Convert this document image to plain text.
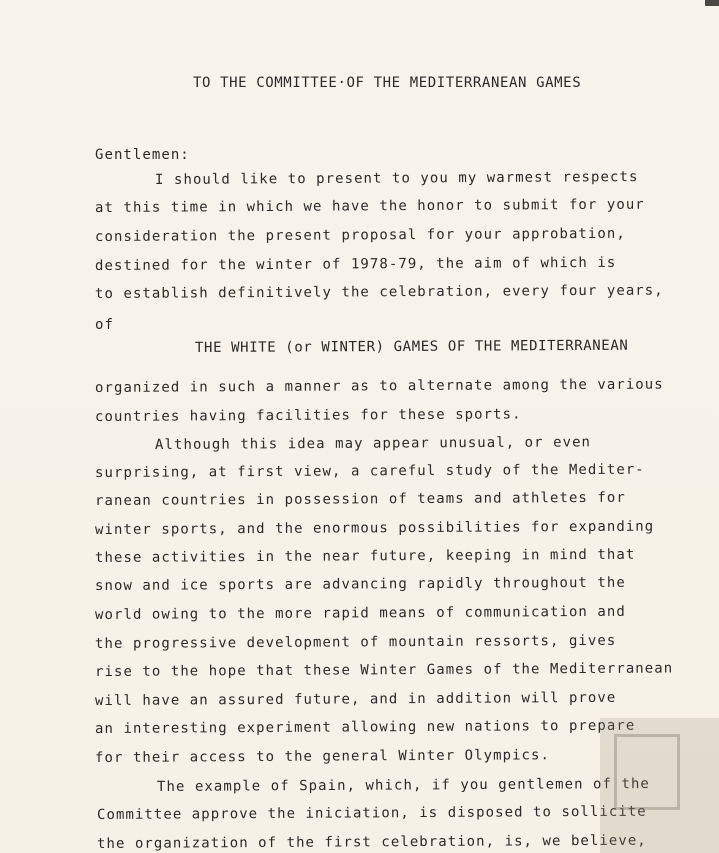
TO THE COMMITTEE·OF THE MEDITERRANEAN GAMES
Gentlemen:
I should like to present to you my warmest respects
at this time in which we have the honor to submit for your
consideration the present proposal for your approbation,
destined for the winter of 1978-79, the aim of which is
to establish definitively the celebration, every four years,
of
THE WHITE (or WINTER) GAMES OF THE MEDITERRANEAN
organized in such a manner as to alternate among the various
countries having facilities for these sports.
Although this idea may appear unusual, or even
surprising, at first view, a careful study of the Mediter-
ranean countries in possession of teams and athletes for
winter sports, and the enormous possibilities for expanding
these activities in the near future, keeping in mind that
snow and ice sports are advancing rapidly throughout the
world owing to the more rapid means of communication and
the progressive development of mountain ressorts, gives
rise to the hope that these Winter Games of the Mediterranean
will have an assured future, and in addition will prove
an interesting experiment allowing new nations to prepare
for their access to the general Winter Olympics.
The example of Spain, which, if you gentlemen of the
Committee approve the iniciation, is disposed to sollicite
the organization of the first celebration, is, we believe,
